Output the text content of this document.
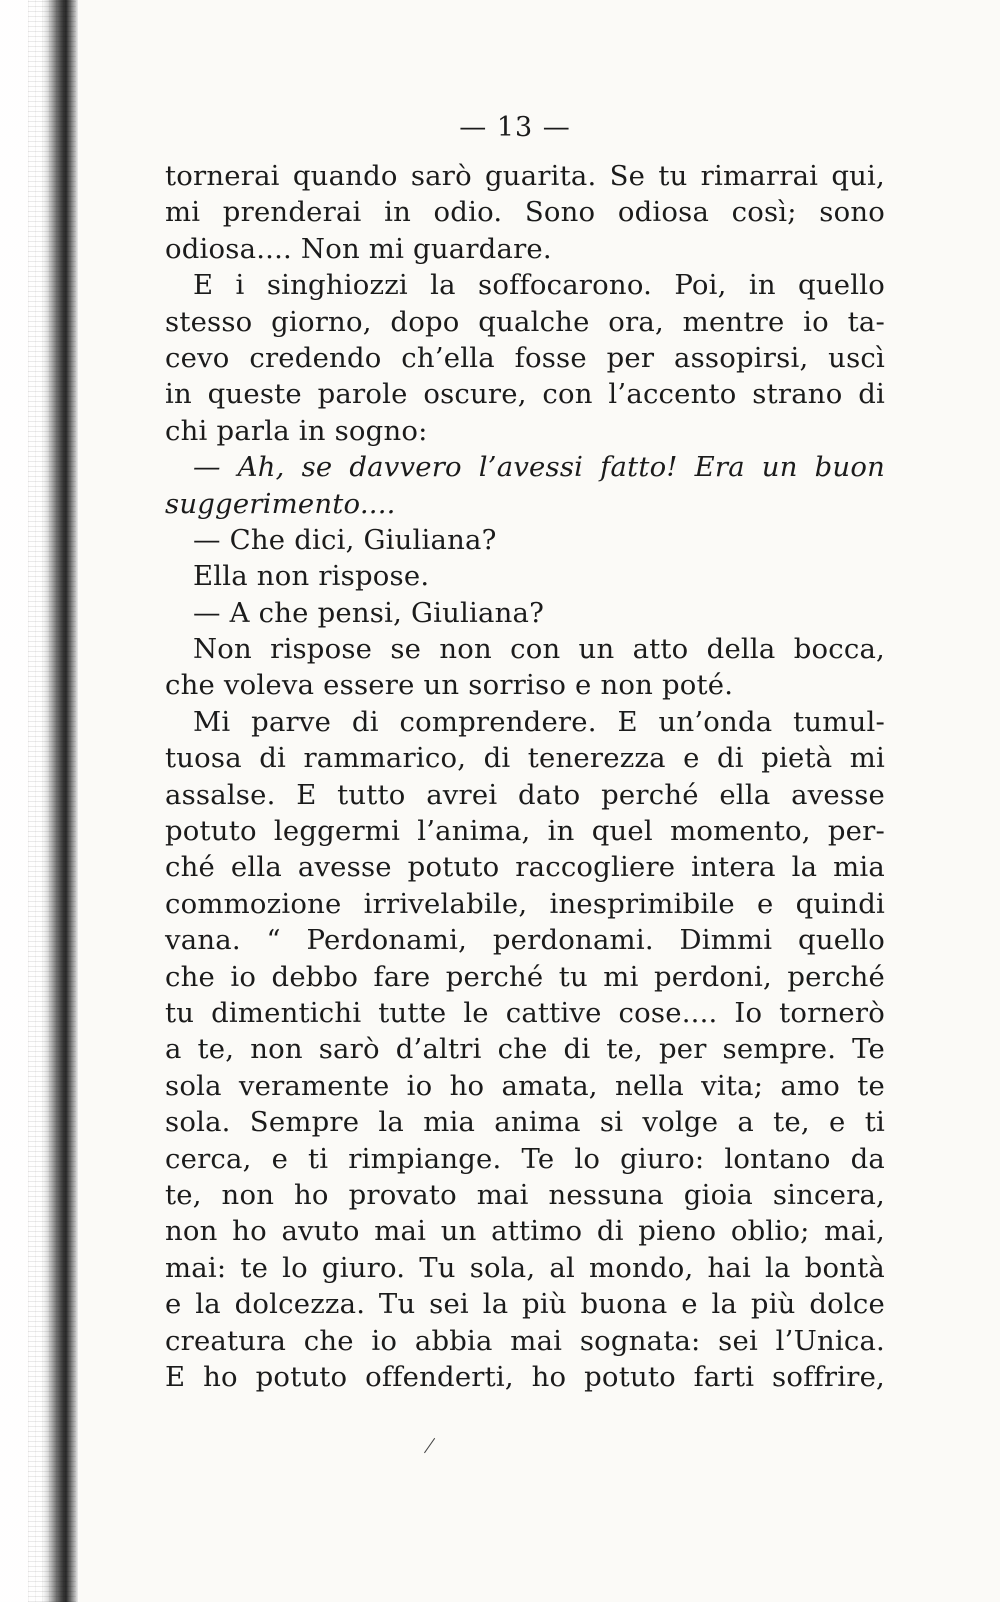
— 13 —
tornerai quando sarò guarita. Se tu rimarrai qui,
mi prenderai in odio. Sono odiosa così; sono
odiosa.... Non mi guardare.
E i singhiozzi la soffocarono. Poi, in quello
stesso giorno, dopo qualche ora, mentre io ta-
cevo credendo ch’ella fosse per assopirsi, uscì
in queste parole oscure, con l’accento strano di
chi parla in sogno:
— Ah, se davvero l’avessi fatto! Era un buon
suggerimento....
— Che dici, Giuliana?
Ella non rispose.
— A che pensi, Giuliana?
Non rispose se non con un atto della bocca,
che voleva essere un sorriso e non poté.
Mi parve di comprendere. E un’onda tumul-
tuosa di rammarico, di tenerezza e di pietà mi
assalse. E tutto avrei dato perché ella avesse
potuto leggermi l’anima, in quel momento, per-
ché ella avesse potuto raccogliere intera la mia
commozione irrivelabile, inesprimibile e quindi
vana. “ Perdonami, perdonami. Dimmi quello
che io debbo fare perché tu mi perdoni, perché
tu dimentichi tutte le cattive cose.... Io tornerò
a te, non sarò d’altri che di te, per sempre. Te
sola veramente io ho amata, nella vita; amo te
sola. Sempre la mia anima si volge a te, e ti
cerca, e ti rimpiange. Te lo giuro: lontano da
te, non ho provato mai nessuna gioia sincera,
non ho avuto mai un attimo di pieno oblio; mai,
mai: te lo giuro. Tu sola, al mondo, hai la bontà
e la dolcezza. Tu sei la più buona e la più dolce
creatura che io abbia mai sognata: sei l’Unica.
E ho potuto offenderti, ho potuto farti soffrire,
